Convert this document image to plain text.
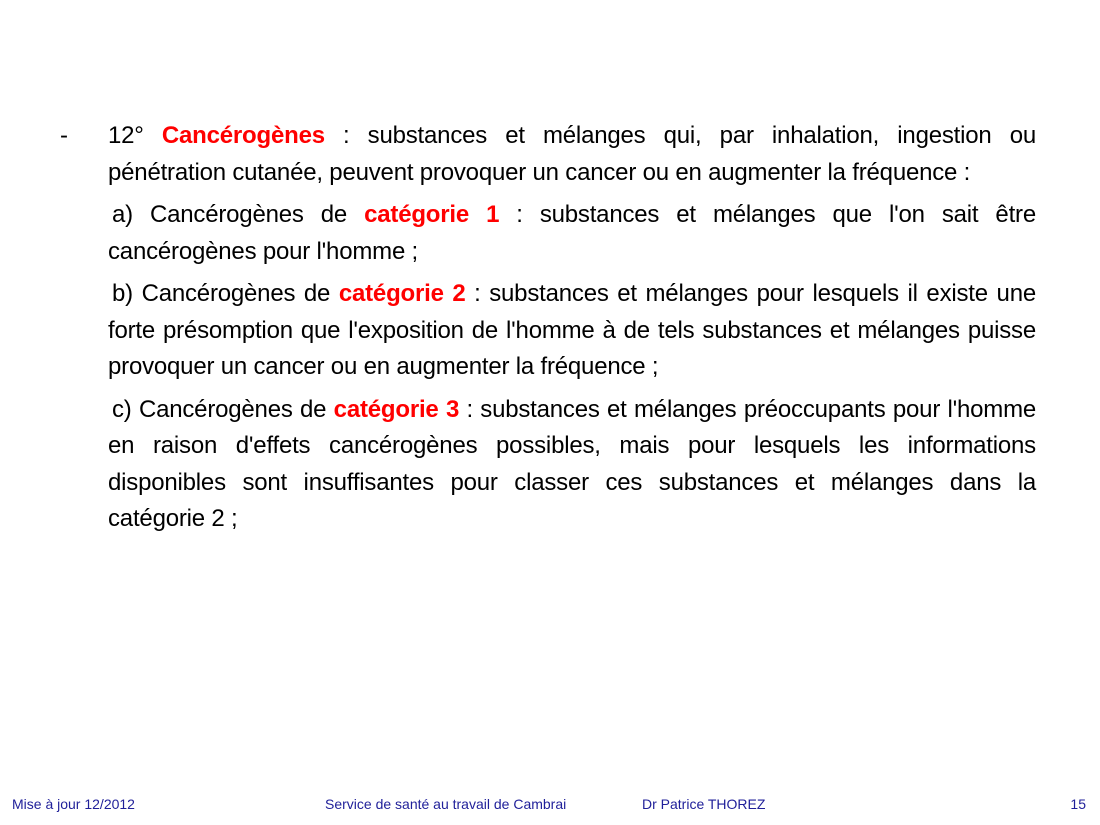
- 12° Cancérogènes : substances et mélanges qui, par inhalation, ingestion ou pénétration cutanée, peuvent provoquer un cancer ou en augmenter la fréquence :
a) Cancérogènes de catégorie 1 : substances et mélanges que l'on sait être cancérogènes pour l'homme ;
b) Cancérogènes de catégorie 2 : substances et mélanges pour lesquels il existe une forte présomption que l'exposition de l'homme à de tels substances et mélanges puisse provoquer un cancer ou en augmenter la fréquence ;
c) Cancérogènes de catégorie 3 : substances et mélanges préoccupants pour l'homme en raison d'effets cancérogènes possibles, mais pour lesquels les informations disponibles sont insuffisantes pour classer ces substances et mélanges dans la catégorie 2 ;
Mise à jour 12/2012	Service de santé au travail de Cambrai	Dr Patrice THOREZ	15
